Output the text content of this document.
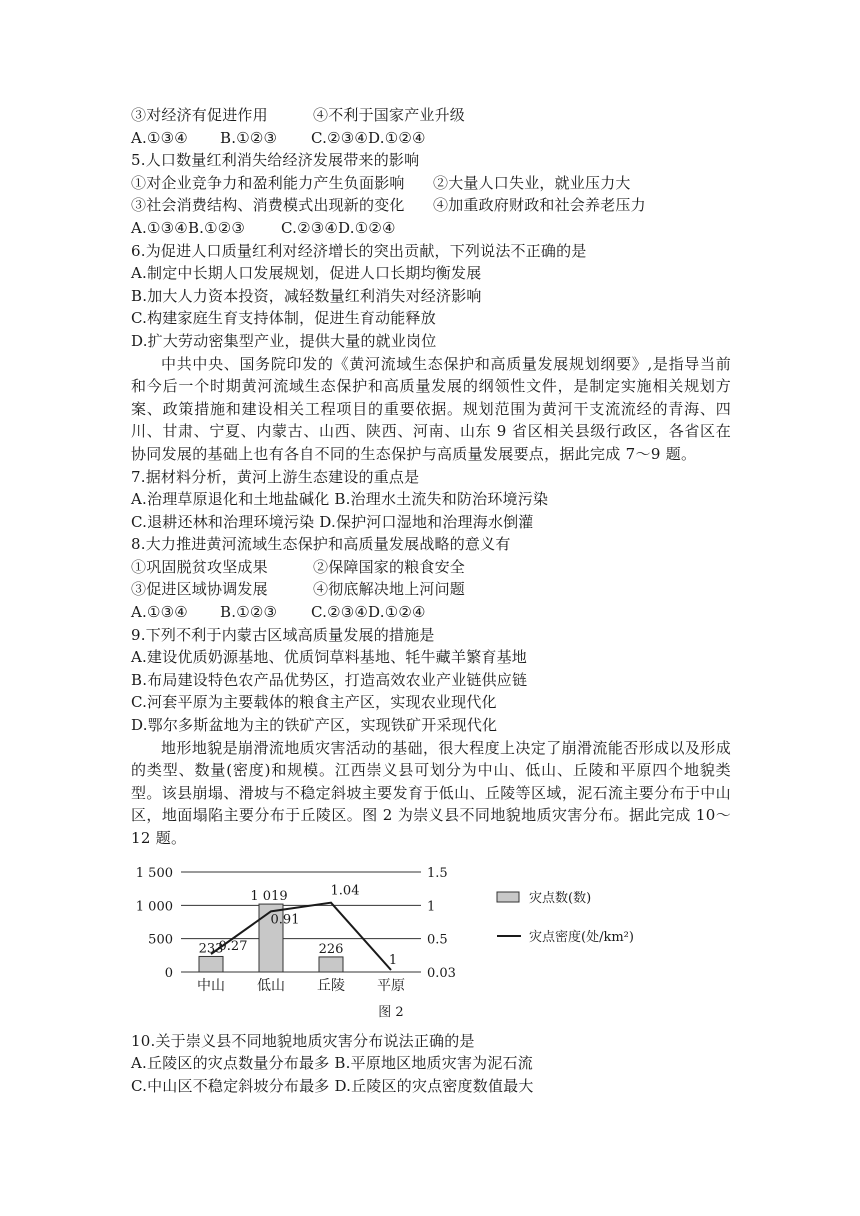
③对经济有促进作用	④不利于国家产业升级
A.①③④ B.①②③ C.②③④D.①②④
5.人口数量红利消失给经济发展带来的影响
①对企业竞争力和盈利能力产生负面影响 ②大量人口失业，就业压力大
③社会消费结构、消费模式出现新的变化 ④加重政府财政和社会养老压力
A.①③④B.①②③ C.②③④D.①②④
6.为促进人口质量红利对经济增长的突出贡献，下列说法不正确的是
A.制定中长期人口发展规划，促进人口长期均衡发展
B.加大人力资本投资，减轻数量红利消失对经济影响
C.构建家庭生育支持体制，促进生育动能释放
D.扩大劳动密集型产业，提供大量的就业岗位

中共中央、国务院印发的《黄河流域生态保护和高质量发展规划纲要》,是指导当前和今后一个时期黄河流域生态保护和高质量发展的纲领性文件，是制定实施相关规划方案、政策措施和建设相关工程项目的重要依据。规划范围为黄河干支流流经的青海、四川、甘肃、宁夏、内蒙古、山西、陕西、河南、山东 9 省区相关县级行政区，各省区在协同发展的基础上也有各自不同的生态保护与高质量发展要点，据此完成 7～9 题。

7.据材料分析，黄河上游生态建设的重点是
A.治理草原退化和土地盐碱化 B.治理水土流失和防治环境污染
C.退耕还林和治理环境污染 D.保护河口湿地和治理海水倒灌
8.大力推进黄河流域生态保护和高质量发展战略的意义有
①巩固脱贫攻坚成果	②保障国家的粮食安全
③促进区域协调发展	④彻底解决地上河问题
A.①③④ B.①②③ C.②③④D.①②④
9.下列不利于内蒙古区域高质量发展的措施是
A.建设优质奶源基地、优质饲草料基地、牦牛藏羊繁育基地
B.布局建设特色农产品优势区，打造高效农业产业链供应链
C.河套平原为主要载体的粮食主产区，实现农业现代化
D.鄂尔多斯盆地为主的铁矿产区，实现铁矿开采现代化

地形地貌是崩滑流地质灾害活动的基础，很大程度上决定了崩滑流能否形成以及形成的类型、数量(密度)和规模。江西崇义县可划分为中山、低山、丘陵和平原四个地貌类型。该县崩塌、滑坡与不稳定斜坡主要发育于低山、丘陵等区域，泥石流主要分布于中山区，地面塌陷主要分布于丘陵区。图 2 为崇义县不同地貌地质灾害分布。据此完成 10～12 题。

1 500
1 000
500
0
1.5
1
0.5
0.03
233
1 019
226
0.27
0.91
1.04
1
中山 低山 丘陵 平原
图 2
灾点数(数)
灾点密度(处/km²)
10.关于崇义县不同地貌地质灾害分布说法正确的是
A.丘陵区的灾点数量分布最多 B.平原地区地质灾害为泥石流
C.中山区不稳定斜坡分布最多 D.丘陵区的灾点密度数值最大
